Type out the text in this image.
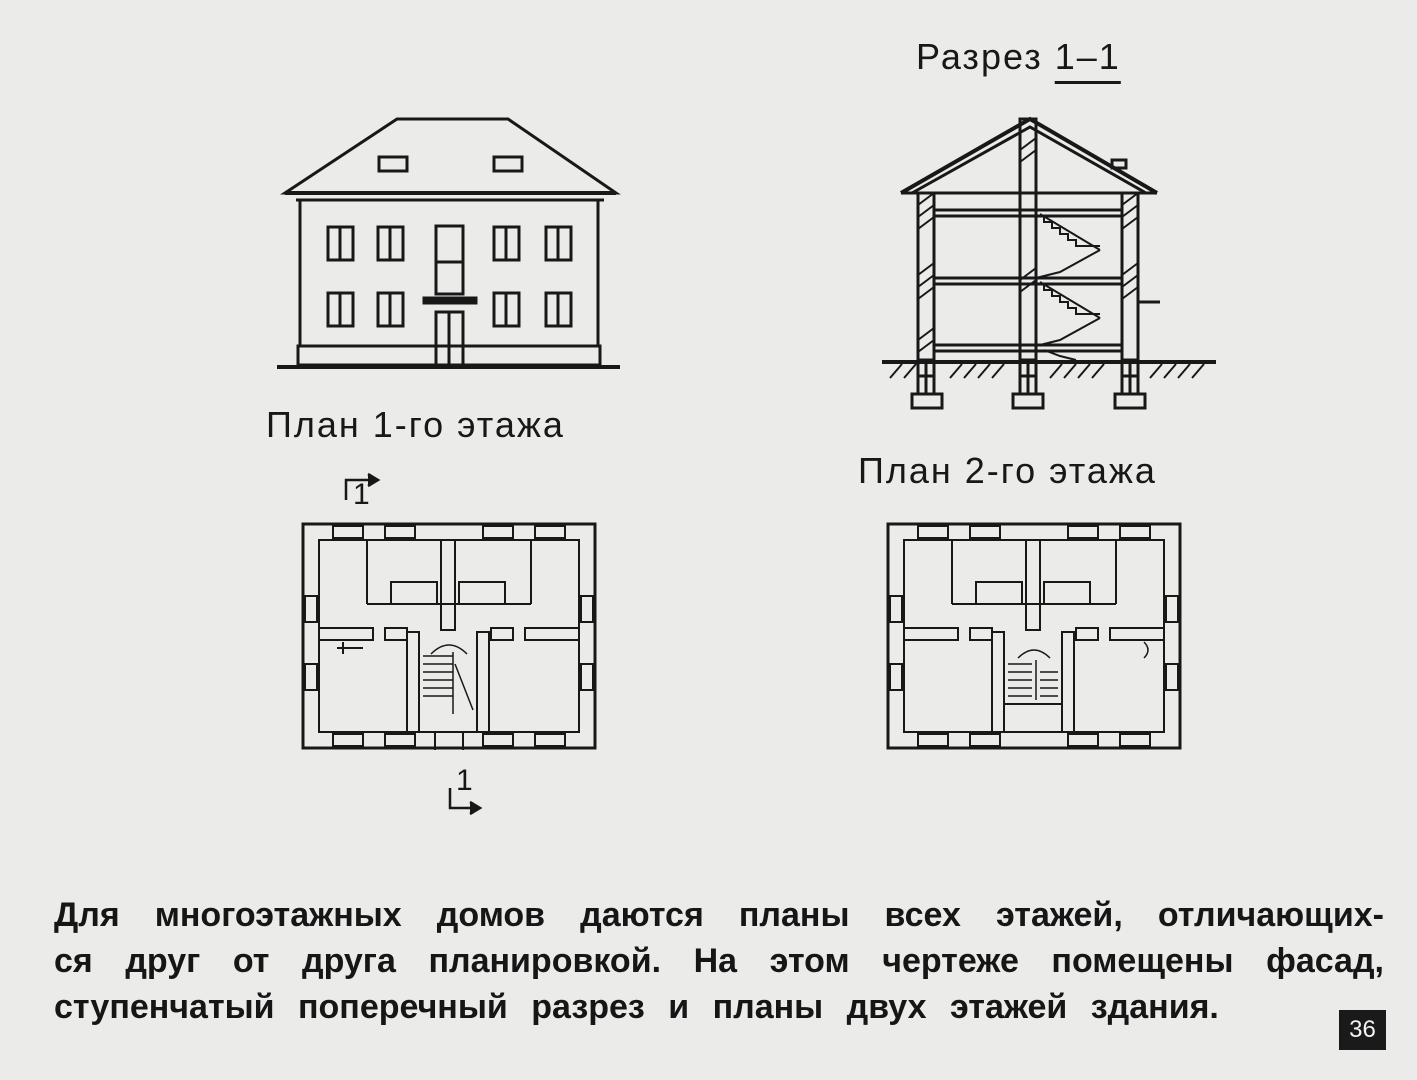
Разрез 1–1
План 1-го этажа
План 2-го этажа
1
1
Для многоэтажных домов даются планы всех этажей, отличающих-
ся друг от друга планировкой. На этом чертеже помещены фасад,
ступенчатый поперечный разрез и планы двух этажей здания.
36
